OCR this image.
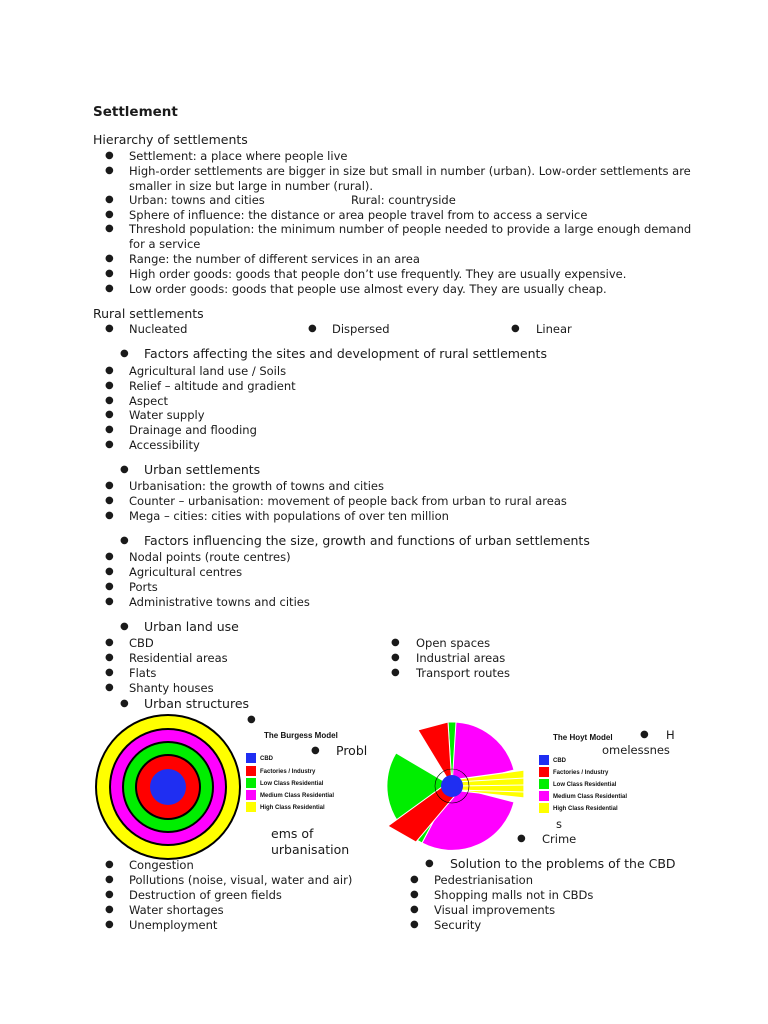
Settlement
Hierarchy of settlements
● Settlement: a place where people live
● High-order settlements are bigger in size but small in number (urban). Low-order settlements are
smaller in size but large in number (rural).
● Urban: towns and cities	Rural: countryside
● Sphere of influence: the distance or area people travel from to access a service
● Threshold population: the minimum number of people needed to provide a large enough demand
for a service
● Range: the number of different services in an area
● High order goods: goods that people don’t use frequently. They are usually expensive.
● Low order goods: goods that people use almost every day. They are usually cheap.
Rural settlements
● Nucleated	● Dispersed	● Linear
● Factors affecting the sites and development of rural settlements
● Agricultural land use / Soils
● Relief – altitude and gradient
● Aspect
● Water supply
● Drainage and flooding
● Accessibility
● Urban settlements
● Urbanisation: the growth of towns and cities
● Counter – urbanisation: movement of people back from urban to rural areas
● Mega – cities: cities with populations of over ten million
● Factors influencing the size, growth and functions of urban settlements
● Nodal points (route centres)
● Agricultural centres
● Ports
● Administrative towns and cities
● Urban land use
● CBD
● Residential areas
● Flats
● Shanty houses
● Open spaces
● Industrial areas
● Transport routes
● Urban structures
●
The Burgess Model
CBD
Factories / Industry
Low Class Residential
Medium Class Residential
High Class Residential
● Probl
ems of
urbanisation
The Hoyt Model
CBD
Factories / Industry
Low Class Residential
Medium Class Residential
High Class Residential
● H
omelessnes
s
● Crime
● Congestion
● Pollutions (noise, visual, water and air)
● Destruction of green fields
● Water shortages
● Unemployment
● Solution to the problems of the CBD
● Pedestrianisation
● Shopping malls not in CBDs
● Visual improvements
● Security
